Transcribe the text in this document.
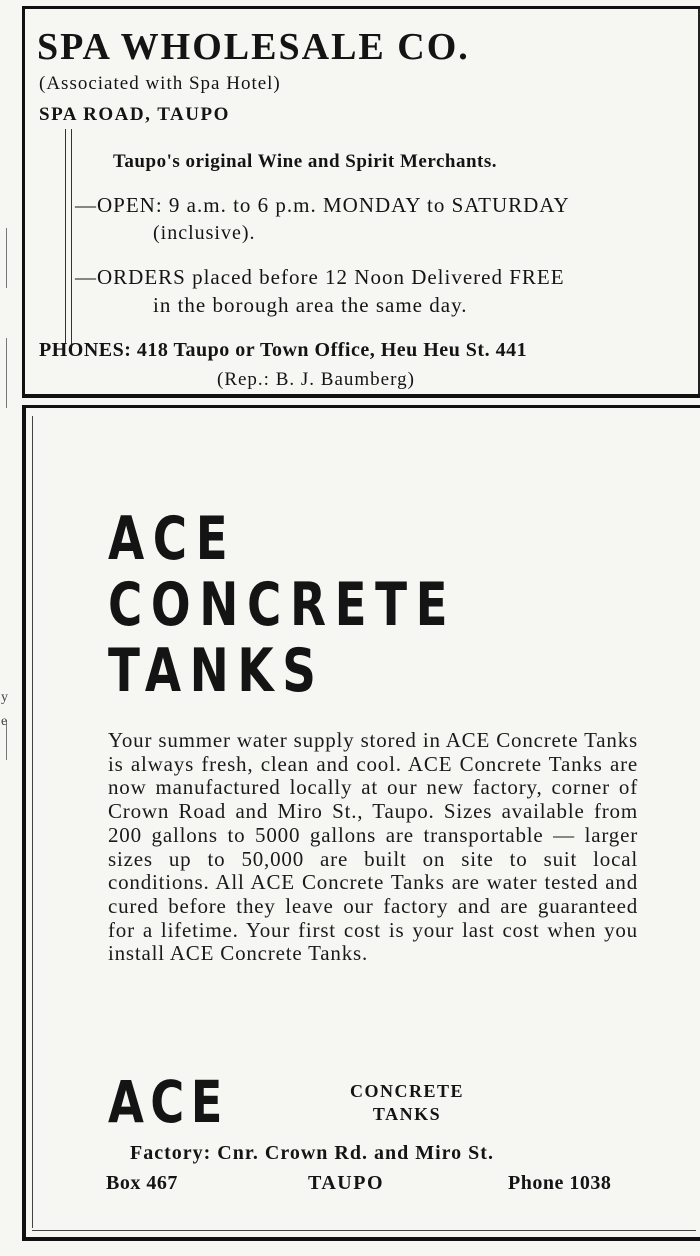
y
e
SPA WHOLESALE CO.
(Associated with Spa Hotel)
SPA ROAD, TAUPO
Taupo's original Wine and Spirit Merchants.
—OPEN: 9 a.m. to 6 p.m. MONDAY to SATURDAY
(inclusive).
—ORDERS placed before 12 Noon Delivered FREE
in the borough area the same day.
PHONES: 418 Taupo or Town Office, Heu Heu St. 441
(Rep.: B. J. Baumberg)
ACE
CONCRETE
TANKS

Your summer water supply stored in ACE Concrete Tanks is always fresh, clean and cool. ACE Concrete Tanks are now manufactured locally at our new factory, corner of Crown Road and Miro St., Taupo. Sizes available from 200 gallons to 5000 gallons are transportable — larger sizes up to 50,000 are built on site to suit local conditions. All ACE Concrete Tanks are water tested and cured before they leave our factory and are guaranteed for a lifetime. Your first cost is your last cost when you install ACE Concrete Tanks.

ACE	CONCRETE
TANKS
Factory: Cnr. Crown Rd. and Miro St.
Box 467	TAUPO	Phone 1038
